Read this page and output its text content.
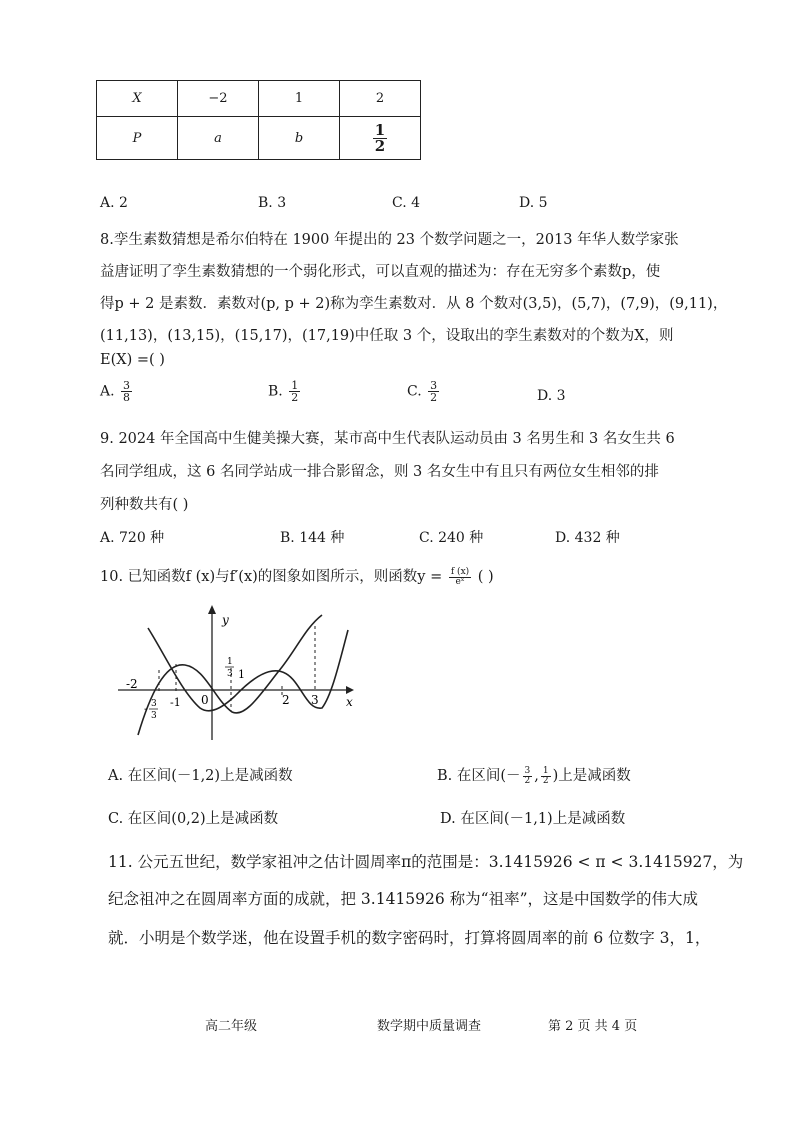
X	−2	1	2
P	a	b	$\frac{1}{2}$
A. 2	B. 3	C. 4	D. 5
8.孪生素数猜想是希尔伯特在 1900 年提出的 23 个数学问题之一，2013 年华人数学家张
益唐证明了孪生素数猜想的一个弱化形式，可以直观的描述为：存在无穷多个素数p，使
得p + 2 是素数．素数对(p, p + 2)称为孪生素数对．从 8 个数对(3,5)，(5,7)，(7,9)，(9,11)，
(11,13)，(13,15)，(15,17)，(17,19)中任取 3 个，设取出的孪生素数对的个数为X，则
E(X) =( )
A. $\frac{3}{8}$	B. $\frac{1}{2}$	C. $\frac{3}{2}$	D. 3
9. 2024 年全国高中生健美操大赛，某市高中生代表队运动员由 3 名男生和 3 名女生共 6
名同学组成，这 6 名同学站成一排合影留念，则 3 名女生中有且只有两位女生相邻的排
列种数共有( )
A. 720 种	B. 144 种	C. 240 种	D. 432 种
10. 已知函数f (x)与f′(x)的图象如图所示，则函数$y = \frac{f (x)}{\text{eˣ}}$ ( )
y
x
0
-2
-1	2 3
1
1
3
- 3
3
A. 在区间(－1,2)上是减函数	B. 在区间(－ $\frac{3}{2}$ , $\frac{1}{2}$ )上是减函数
C. 在区间(0,2)上是减函数	D. 在区间(－1,1)上是减函数
11. 公元五世纪，数学家祖冲之估计圆周率π的范围是：3.1415926 < π < 3.1415927，为
纪念祖冲之在圆周率方面的成就，把 3.1415926 称为“祖率”，这是中国数学的伟大成
就．小明是个数学迷，他在设置手机的数字密码时，打算将圆周率的前 6 位数字 3，1，
高二年级	数学期中质量调查	第 2 页 共 4 页
